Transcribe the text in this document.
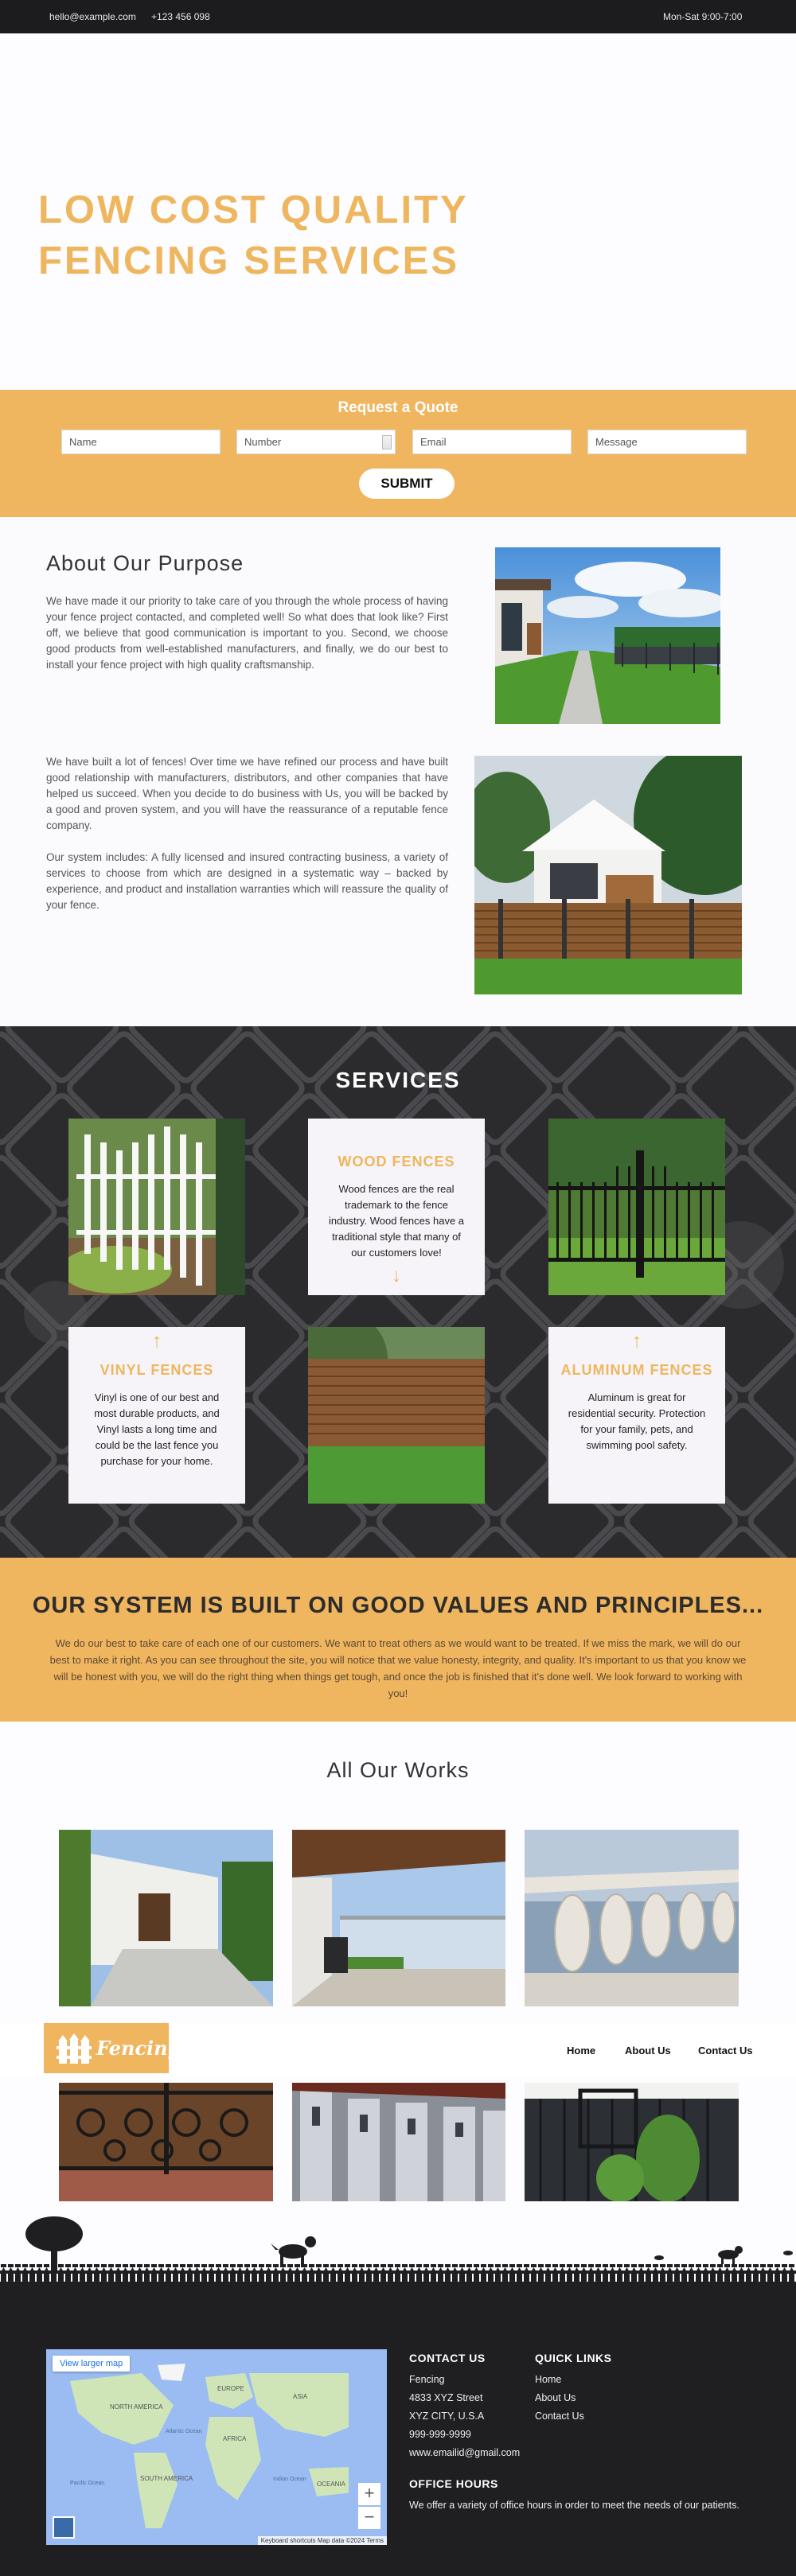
hello@example.com +123 456 098	Mon-Sat 9:00-7:00
LOW COST QUALITY
FENCING SERVICES
Request a Quote
Name	Number	Email	Message
SUBMIT
About Our Purpose
We have made it our priority to take care of you through the whole process of having your fence project contacted, and completed well! So what does that look like? First off, we believe that good communication is important to you. Second, we choose good products from well-established manufacturers, and finally, we do our best to install your fence project with high quality craftsmanship.
We have built a lot of fences! Over time we have refined our process and have built good relationship with manufacturers, distributors, and other companies that have helped us succeed. When you decide to do business with Us, you will be backed by a good and proven system, and you will have the reassurance of a reputable fence company.
Our system includes: A fully licensed and insured contracting business, a variety of services to choose from which are designed in a systematic way – backed by experience, and product and installation warranties which will reassure the quality of your fence.
SERVICES
WOOD FENCES

Wood fences are the real trademark to the fence industry. Wood fences have a traditional style that many of our customers love!

↓
↑
VINYL FENCES

Vinyl is one of our best and most durable products, and Vinyl lasts a long time and could be the last fence you purchase for your home.

↑
ALUMINUM FENCES

Aluminum is great for residential security. Protection for your family, pets, and swimming pool safety.

OUR SYSTEM IS BUILT ON GOOD VALUES AND PRINCIPLES...

We do our best to take care of each one of our customers. We want to treat others as we would want to be treated. If we miss the mark, we will do our best to make it right. As you can see throughout the site, you will notice that we value honesty, integrity, and quality. It's important to us that you know we will be honest with you, we will do the right thing when things get tough, and once the job is finished that it's done well. We look forward to working with you!

All Our Works
Fencing	Home	About Us	Contact Us
NORTH AMERICA
EUROPE
ASIA
AFRICA
SOUTH AMERICA
OCEANIA
Pacific Ocean
Atlantic Ocean
Indian Ocean
View larger map
+
−
Keyboard shortcuts Map data ©2024 Terms
CONTACT US
Fencing
4833 XYZ Street
XYZ CITY, U.S.A
999-999-9999
www.emailid@gmail.com
QUICK LINKS
Home
About Us
Contact Us
OFFICE HOURS
We offer a variety of office hours in order to meet the needs of our patients.
